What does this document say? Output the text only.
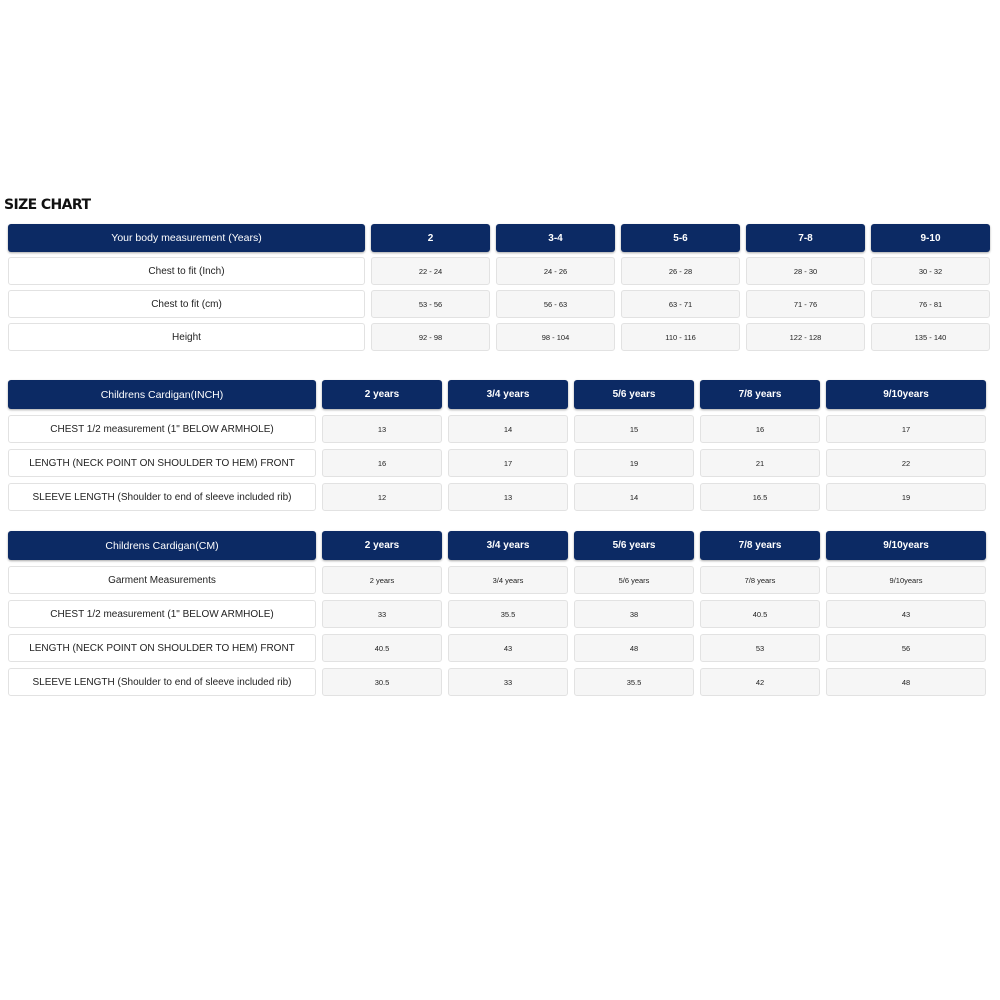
SIZE CHART
Your body measurement (Years)	2	3-4	5-6	7-8	9-10
Chest to fit (Inch)	22 - 24	24 - 26	26 - 28	28 - 30	30 - 32
Chest to fit (cm)	53 - 56	56 - 63	63 - 71	71 - 76	76 - 81
Height	92 - 98	98 - 104	110 - 116	122 - 128	135 - 140
Childrens Cardigan(INCH)	2 years	3/4 years	5/6 years	7/8 years	9/10years
CHEST 1/2 measurement (1" BELOW ARMHOLE)	13	14	15	16	17
LENGTH (NECK POINT ON SHOULDER TO HEM) FRONT	16	17	19	21	22
SLEEVE LENGTH (Shoulder to end of sleeve included rib)	12	13	14	16.5	19
Childrens Cardigan(CM)	2 years	3/4 years	5/6 years	7/8 years	9/10years
Garment Measurements	2 years	3/4 years	5/6 years	7/8 years	9/10years
CHEST 1/2 measurement (1" BELOW ARMHOLE)	33	35.5	38	40.5	43
LENGTH (NECK POINT ON SHOULDER TO HEM) FRONT	40.5	43	48	53	56
SLEEVE LENGTH (Shoulder to end of sleeve included rib)	30.5	33	35.5	42	48
